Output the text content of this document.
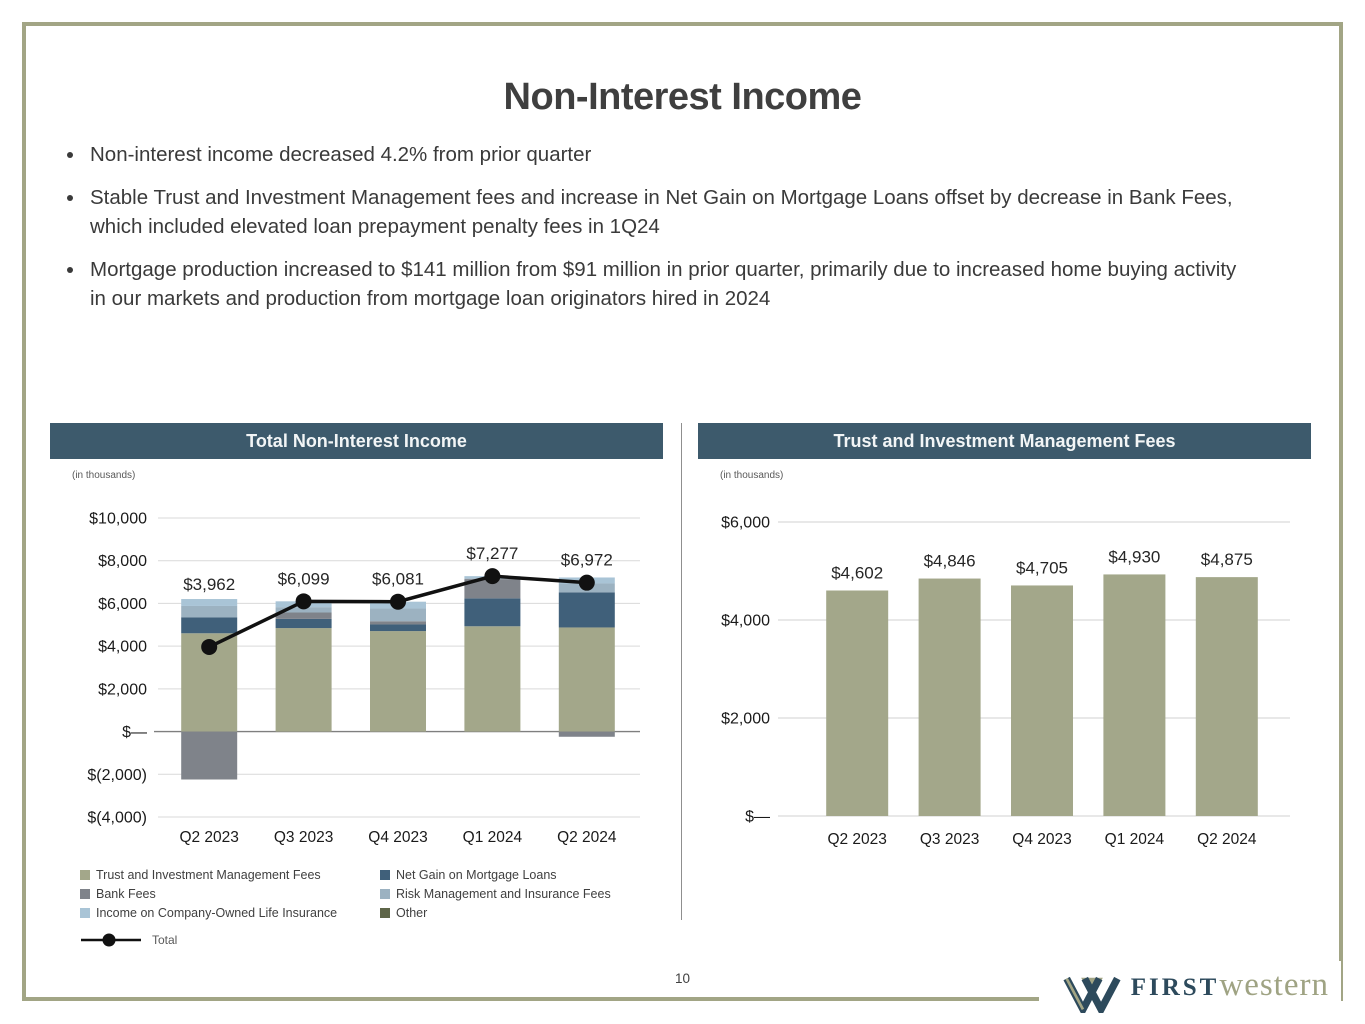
Non-Interest Income
• Non-interest income decreased 4.2% from prior quarter
• Stable Trust and Investment Management fees and increase in Net Gain on Mortgage Loans offset by decrease in Bank Fees, which included elevated loan prepayment penalty fees in 1Q24
• Mortgage production increased to $141 million from $91 million in prior quarter, primarily due to increased home buying activity in our markets and production from mortgage loan originators hired in 2024
Total Non-Interest Income
(in thousands)
$10,000
$8,000
$6,000
$4,000
$2,000
$—
$(2,000)
$(4,000)
$3,962 $6,099 $6,081
$7,277 $6,972
Q2 2023 Q3 2023 Q4 2023 Q1 2024 Q2 2024
Trust and Investment Management Fees	Net Gain on Mortgage Loans
Bank Fees	Risk Management and Insurance Fees
Income on Company-Owned Life Insurance	Other
Total
Trust and Investment Management Fees
(in thousands)
$6,000
$4,000
$2,000
$—
$4,602
$4,846 $4,705
$4,930 $4,875
Q2 2023 Q3 2023 Q4 2023 Q1 2024 Q2 2024
10	FIRST western
